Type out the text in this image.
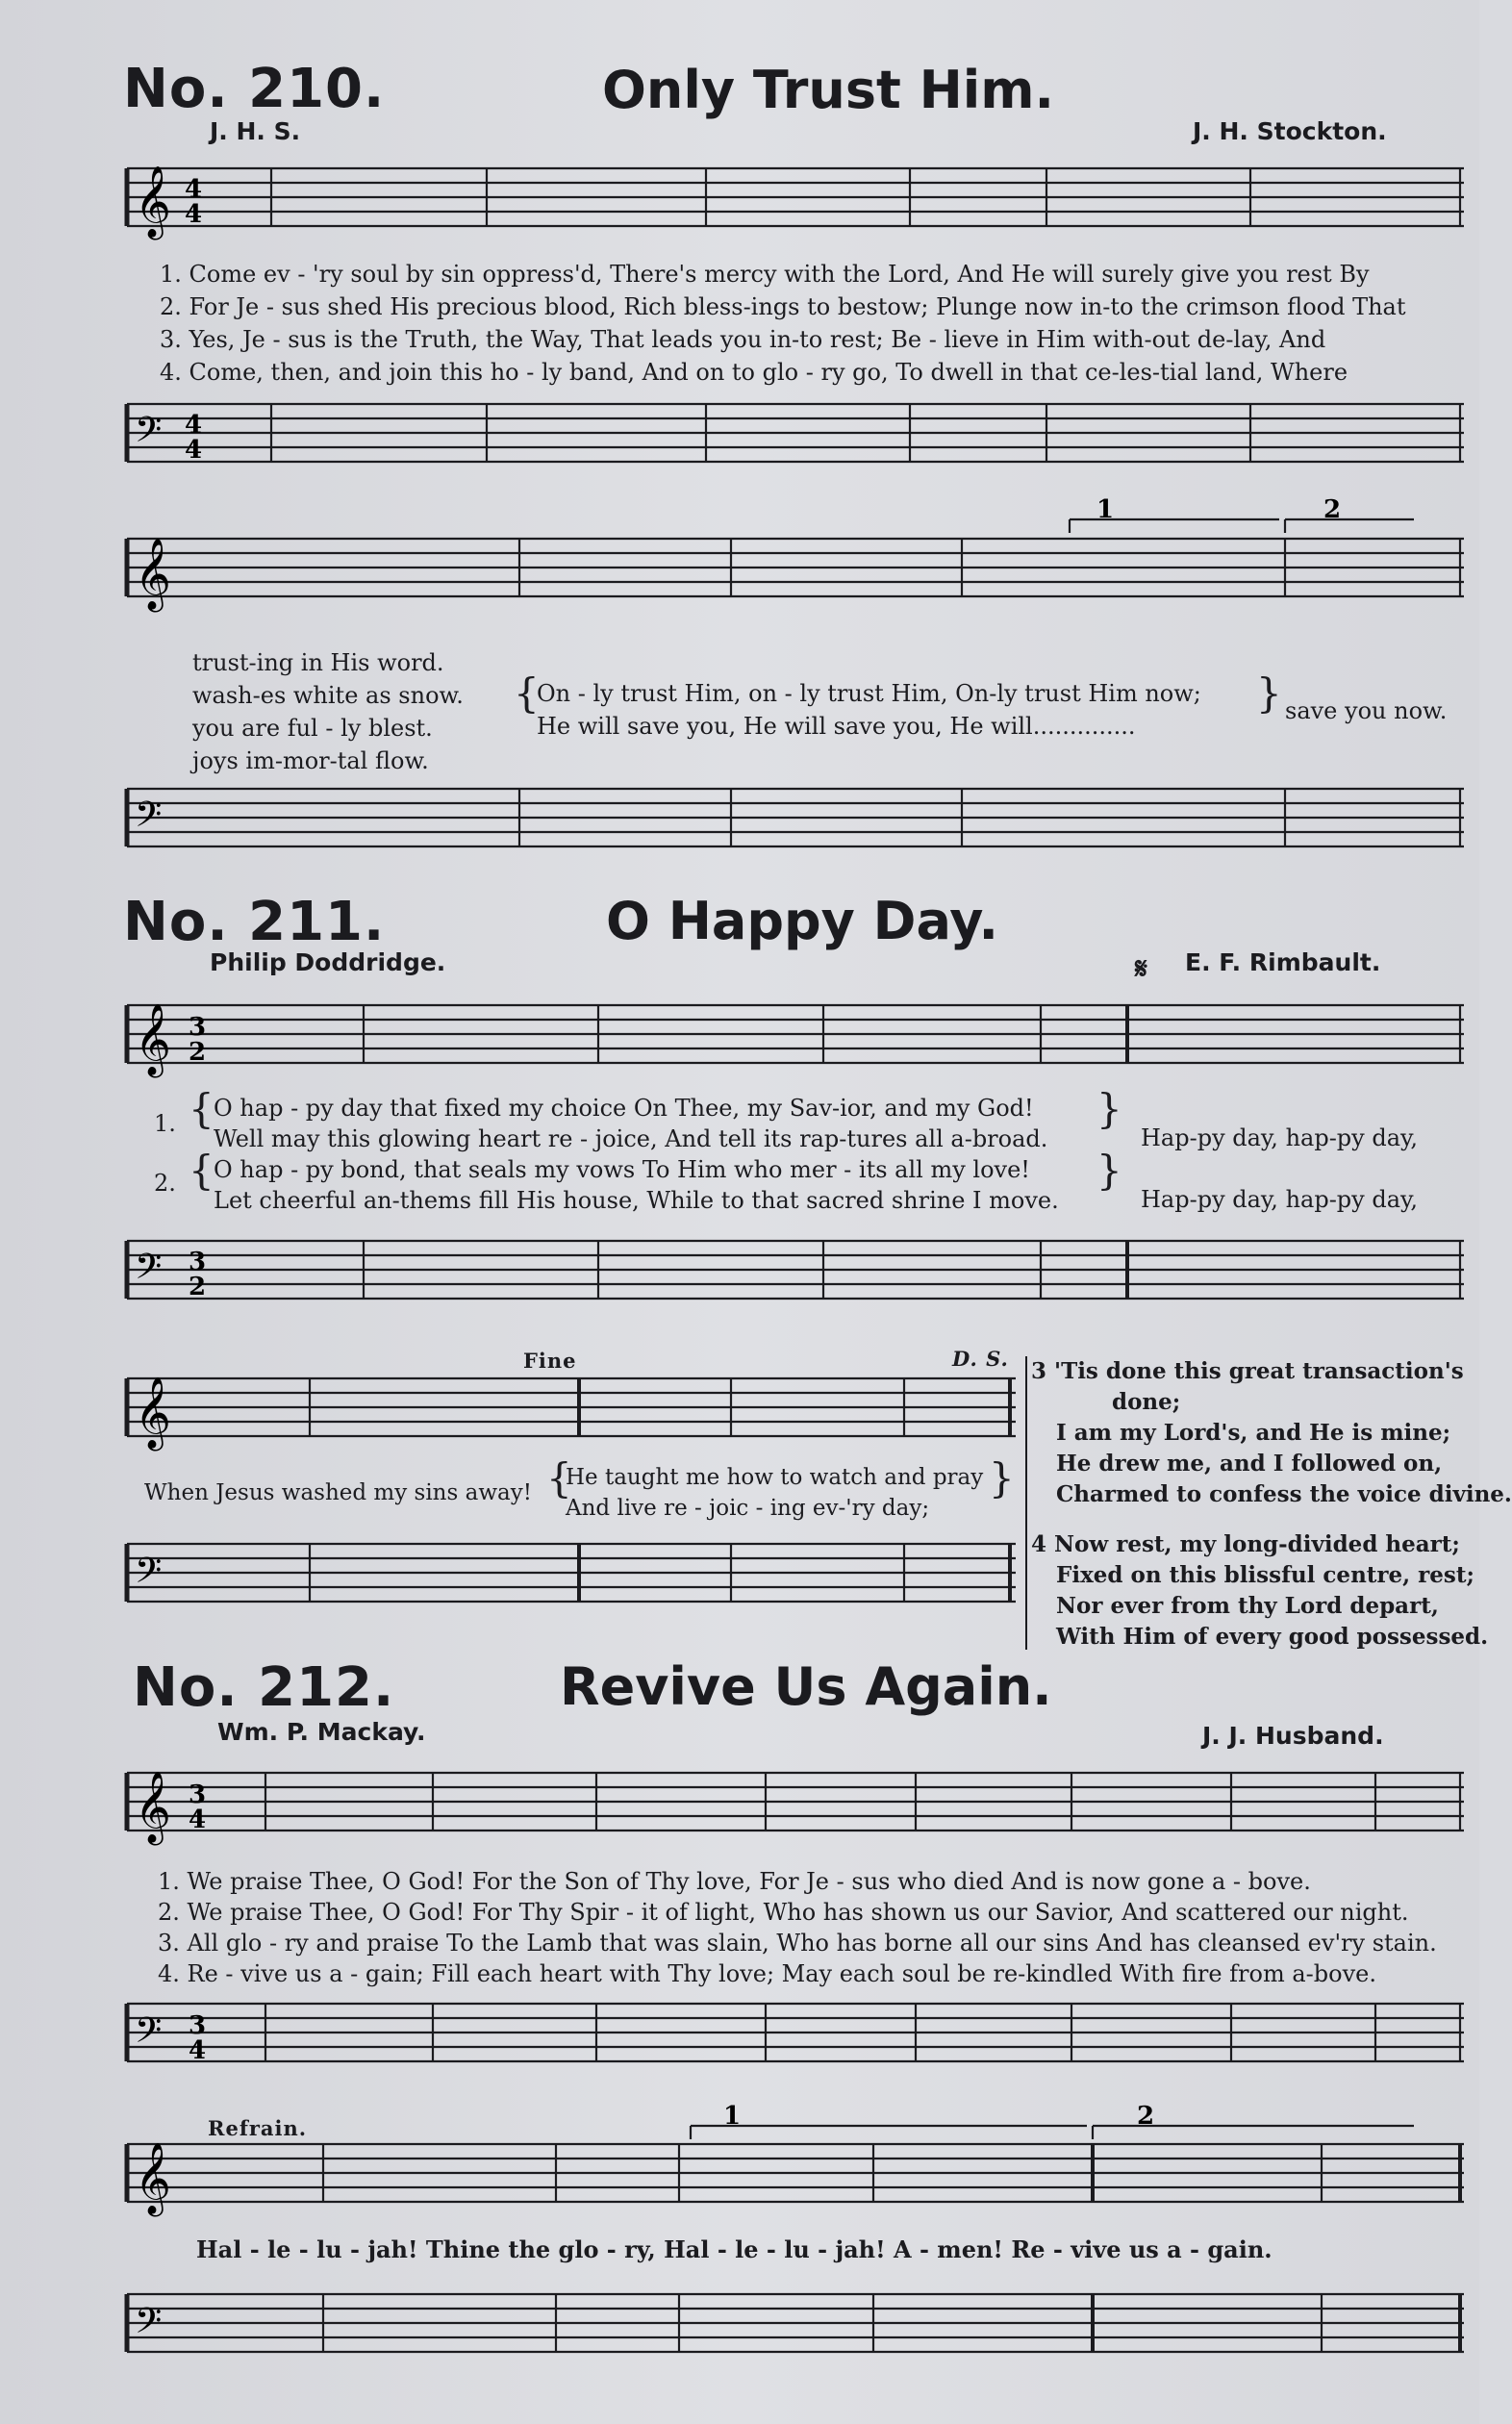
No. 210.	Only Trust Him.
J. H. S.	J. H. Stockton.
𝄞 4
4
1. Come ev - 'ry soul by sin oppress'd, There's mercy with the Lord, And He will surely give you rest By
2. For Je - sus shed His precious blood, Rich bless-ings to bestow; Plunge now in-to the crimson flood That
3. Yes, Je - sus is the Truth, the Way, That leads you in-to rest; Be - lieve in Him with-out de-lay, And
4. Come, then, and join this ho - ly band, And on to glo - ry go, To dwell in that ce-les-tial land, Where
𝄢 4
4
𝄞
1	2
trust-ing in His word.
wash-es white as snow.
you are ful - ly blest.
joys im-mor-tal flow.
{
On - ly trust Him, on - ly trust Him, On-ly trust Him now;
He will save you, He will save you, He will..............
} save you now.
𝄢
No. 211.	O Happy Day.
Philip Doddridge.	𝄋 E. F. Rimbault.
𝄞 3
2
1.
2.
{
{
O hap - py day that fixed my choice On Thee, my Sav-ior, and my God!
Well may this glowing heart re - joice, And tell its rap-tures all a-broad.
O hap - py bond, that seals my vows To Him who mer - its all my love!
Let cheerful an-thems fill His house, While to that sacred shrine I move.
}
}
Hap-py day, hap-py day,
Hap-py day, hap-py day,
𝄢 3
2
Fine	D. S.
𝄞
When Jesus washed my sins away! {
He taught me how to watch and pray
And live re - joic - ing ev-'ry day;
}
𝄢
3 'Tis done this great transaction's
done;
I am my Lord's, and He is mine;
He drew me, and I followed on,
Charmed to confess the voice divine.
4 Now rest, my long-divided heart;
Fixed on this blissful centre, rest;
Nor ever from thy Lord depart,
With Him of every good possessed.
No. 212.	Revive Us Again.
Wm. P. Mackay.	J. J. Husband.
𝄞 3
4
1. We praise Thee, O God! For the Son of Thy love, For Je - sus who died And is now gone a - bove.
2. We praise Thee, O God! For Thy Spir - it of light, Who has shown us our Savior, And scattered our night.
3. All glo - ry and praise To the Lamb that was slain, Who has borne all our sins And has cleansed ev'ry stain.
4. Re - vive us a - gain; Fill each heart with Thy love; May each soul be re-kindled With fire from a-bove.
𝄢 3
4
Refrain.
𝄞
1	2
Hal - le - lu - jah! Thine the glo - ry, Hal - le - lu - jah! A - men! Re - vive us a - gain.
𝄢
